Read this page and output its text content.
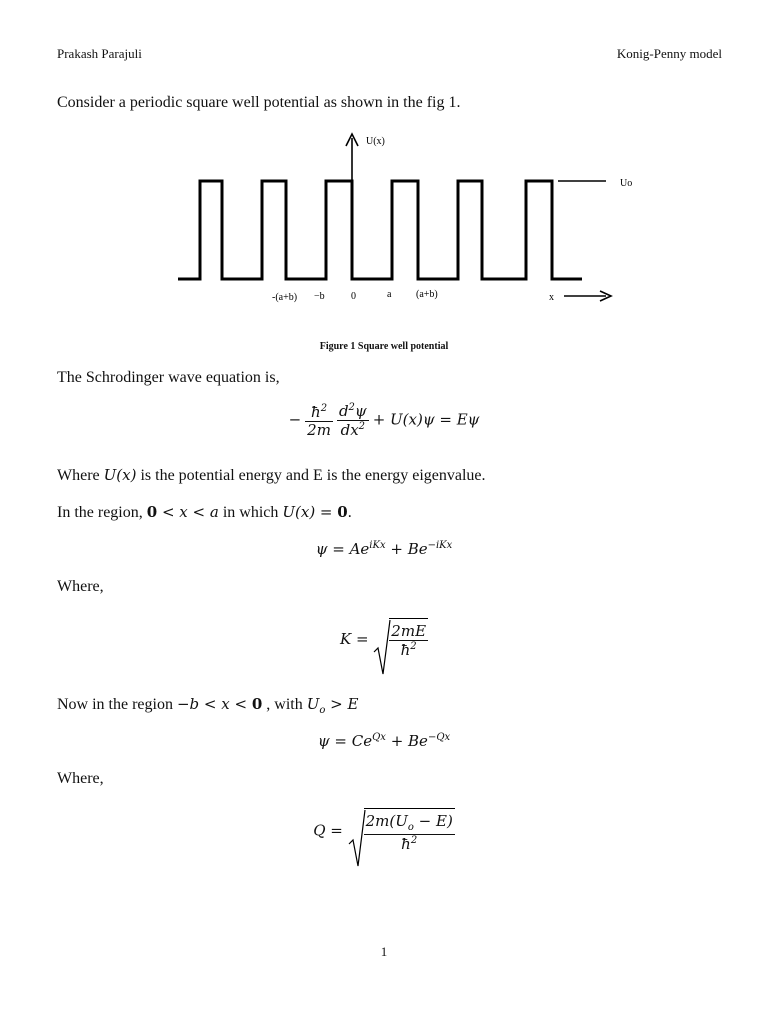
Prakash Parajuli	Konig-Penny model
Consider a periodic square well potential as shown in the fig 1.
U(x)
Uo
-(a+b) −b	0	a (a+b)	x
Figure 1 Square well potential
The Schrodinger wave equation is,
− $\frac{ħ^2}{2m}$
$\frac{d^2\psi}{dx^2} + U(x)\psi = E\psi$
Where U(x) is the potential energy and E is the energy eigenvalue.
In the region, 0 < x < a in which U(x) = 0.
$\psi = Ae^{iKx} + Be^{-iKx}$
Where,
$K = \frac{2mE}{ħ^2}$
Now in the region −b < x < 0 , with $U_o > E$
$\psi = Ce^{Qx} + Be^{-Qx}$
Where,
$Q = \frac{2m(U_o - E)}{ħ^2}$
1
